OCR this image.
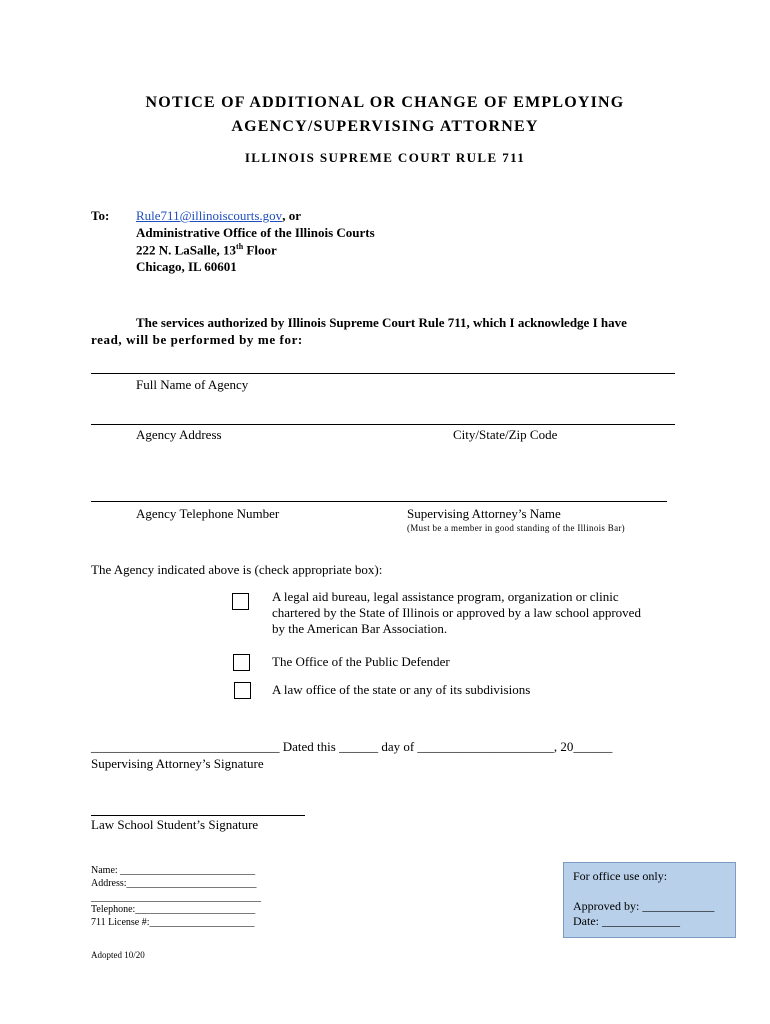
NOTICE OF ADDITIONAL OR CHANGE OF EMPLOYING
AGENCY/SUPERVISING ATTORNEY
ILLINOIS SUPREME COURT RULE 711
To: Rule711@illinoiscourts.gov, or
Administrative Office of the Illinois Courts
222 N. LaSalle, 13th Floor
Chicago, IL 60601
The services authorized by Illinois Supreme Court Rule 711, which I acknowledge I have
read, will be performed by me for:
Full Name of Agency
Agency Address	City/State/Zip Code
Agency Telephone Number	Supervising Attorney’s Name
(Must be a member in good standing of the Illinois Bar)
The Agency indicated above is (check appropriate box):
A legal aid bureau, legal assistance program, organization or clinic
chartered by the State of Illinois or approved by a law school approved
by the American Bar Association.
The Office of the Public Defender
A law office of the state or any of its subdivisions
_____________________________ Dated this ______ day of _____________________, 20______
Supervising Attorney’s Signature
Law School Student’s Signature
Name: ___________________________
Address:__________________________
__________________________________
Telephone:________________________
711 License #:_____________________
For office use only:
Approved by: ____________
Date: _____________
Adopted 10/20
